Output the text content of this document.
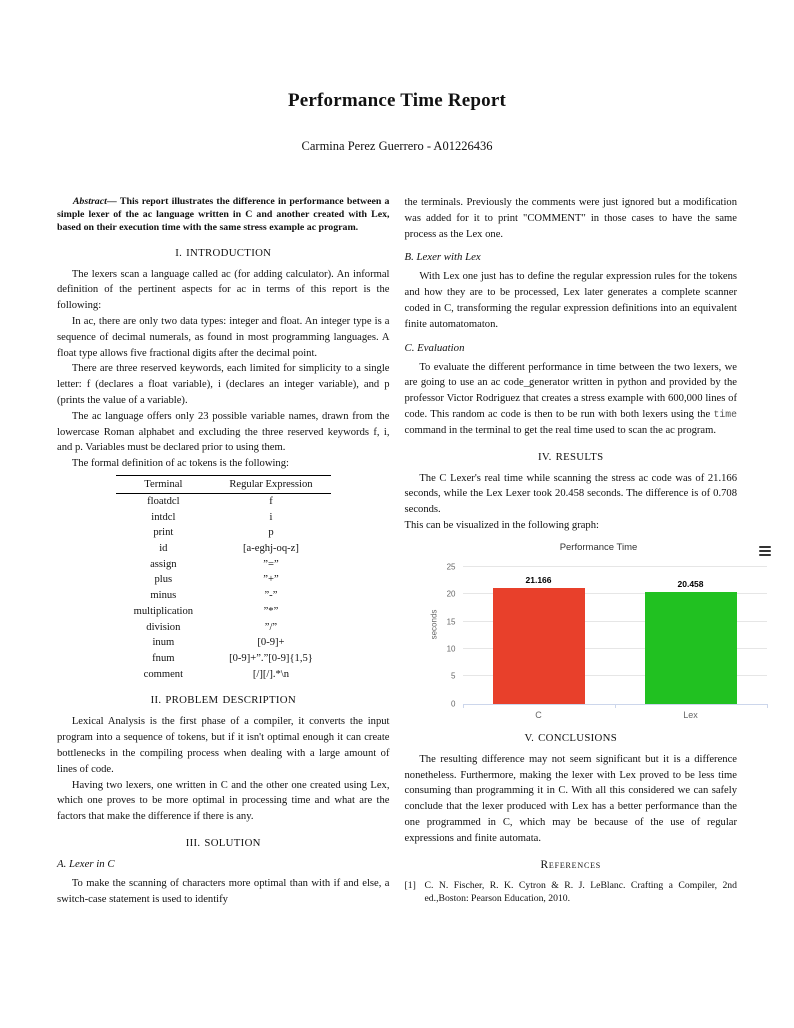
Performance Time Report
Carmina Perez Guerrero - A01226436

Abstract— This report illustrates the difference in performance between a simple lexer of the ac language written in C and another created with Lex, based on their execution time with the same stress example ac program.

I. INTRODUCTION

The lexers scan a language called ac (for adding calculator). An informal definition of the pertinent aspects for ac in terms of this report is the following:

In ac, there are only two data types: integer and float. An integer type is a sequence of decimal numerals, as found in most programming languages. A float type allows five fractional digits after the decimal point.

There are three reserved keywords, each limited for simplicity to a single letter: f (declares a float variable), i (declares an integer variable), and p (prints the value of a variable).

The ac language offers only 23 possible variable names, drawn from the lowercase Roman alphabet and excluding the three reserved keywords f, i, and p. Variables must be declared prior to using them.

The formal definition of ac tokens is the following:

Terminal	Regular Expression
floatdcl	f
intdcl	i
print	p
id	[a-eghj-oq-z]
assign	”=”
plus	”+”
minus	”-”
multiplication	”*”
division	”/”
inum	[0-9]+
fnum	[0-9]+”.”[0-9]{1,5}
comment	[/][/].*\n
II. PROBLEM DESCRIPTION

Lexical Analysis is the first phase of a compiler, it converts the input program into a sequence of tokens, but if it isn't optimal enough it can create bottlenecks in the compiling process when dealing with a large amount of lines of code.

Having two lexers, one written in C and the other one created using Lex, which one proves to be more optimal in processing time and what are the factors that make the difference if there is any.

III. SOLUTION
A. Lexer in C

To make the scanning of characters more optimal than with if and else, a switch-case statement is used to identify

the terminals. Previously the comments were just ignored but a modification was added for it to print "COMMENT" in those cases to have the same process as the Lex one.

B. Lexer with Lex

With Lex one just has to define the regular expression rules for the tokens and how they are to be processed, Lex later generates a complete scanner coded in C, transforming the regular expression definitions into an equivalent finite automatomaton.

C. Evaluation

To evaluate the different performance in time between the two lexers, we are going to use an ac code_generator written in python and provided by the professor Victor Rodriguez that creates a stress example with 600,000 lines of code. This random ac code is then to be run with both lexers using the time command in the terminal to get the real time used to scan the ac program.

IV. RESULTS

The C Lexer's real time while scanning the stress ac code was of 21.166 seconds, while the Lex Lexer took 20.458 seconds. The difference is of 0.708 seconds.

This can be visualized in the following graph:

Performance Time
seconds
0
5
10
15
20
25
21.166	20.458
C	Lex
V. CONCLUSIONS

The resulting difference may not seem significant but it is a difference nonetheless. Furthermore, making the lexer with Lex proved to be less time consuming than programming it in C. With all this considered we can safely conclude that the lexer produced with Lex has a better performance than the one programmed in C, which may be because of the use of regular expressions and finite automata.

References
[1] C. N. Fischer, R. K. Cytron & R. J. LeBlanc. Crafting a Compiler, 2nd ed.,Boston: Pearson Education, 2010.
